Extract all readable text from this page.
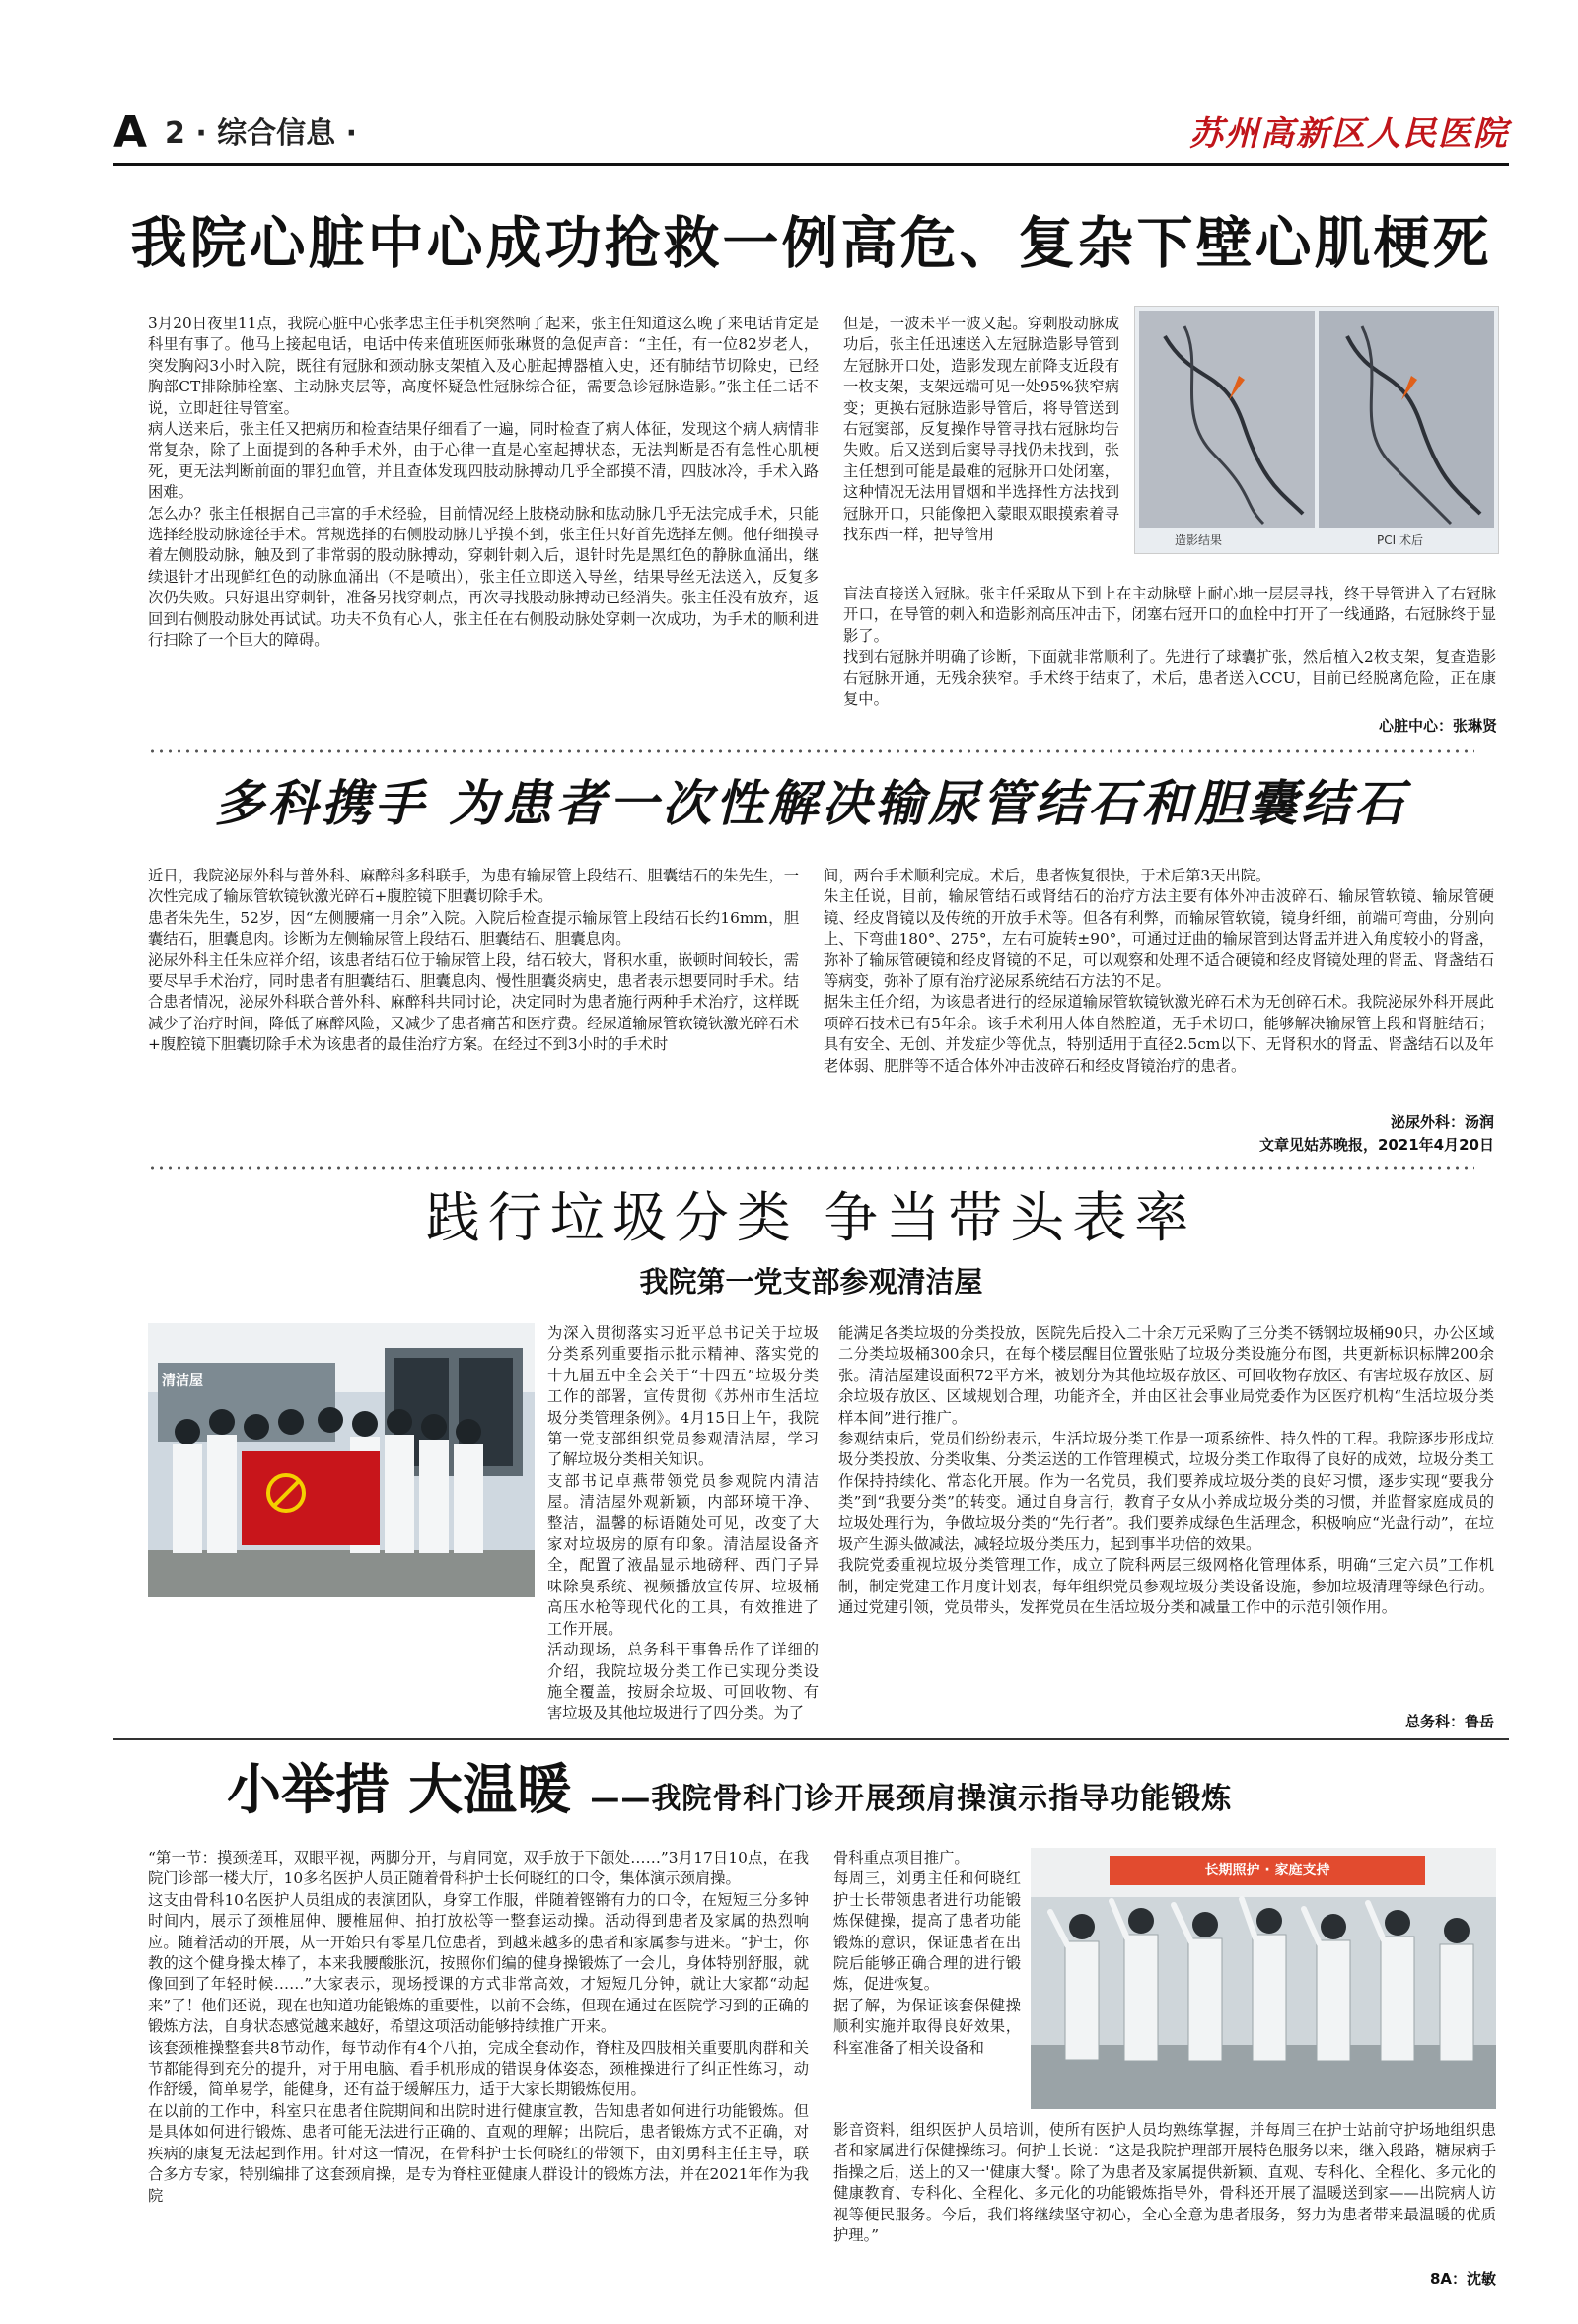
A 2 · 综合信息 ·	苏州高新区人民医院
我院心脏中心成功抢救一例高危、复杂下壁心肌梗死
3月20日夜里11点，我院心脏中心张孝忠主任手机突然响了起来，张主任知道这么晚了来电话肯定是科里有事了。他马上接起电话，电话中传来值班医师张琳贤的急促声音：“主任，有一位82岁老人，突发胸闷3小时入院，既往有冠脉和颈动脉支架植入及心脏起搏器植入史，还有肺结节切除史，已经胸部CT排除肺栓塞、主动脉夹层等，高度怀疑急性冠脉综合征，需要急诊冠脉造影。”张主任二话不说，立即赶往导管室。
病人送来后，张主任又把病历和检查结果仔细看了一遍，同时检查了病人体征，发现这个病人病情非常复杂，除了上面提到的各种手术外，由于心律一直是心室起搏状态，无法判断是否有急性心肌梗死，更无法判断前面的罪犯血管，并且查体发现四肢动脉搏动几乎全部摸不清，四肢冰冷，手术入路困难。
怎么办？张主任根据自己丰富的手术经验，目前情况经上肢桡动脉和肱动脉几乎无法完成手术，只能选择经股动脉途径手术。常规选择的右侧股动脉几乎摸不到，张主任只好首先选择左侧。他仔细摸寻着左侧股动脉，触及到了非常弱的股动脉搏动，穿刺针刺入后，退针时先是黑红色的静脉血涌出，继续退针才出现鲜红色的动脉血涌出（不是喷出），张主任立即送入导丝，结果导丝无法送入，反复多次仍失败。只好退出穿刺针，准备另找穿刺点，再次寻找股动脉搏动已经消失。张主任没有放弃，返回到右侧股动脉处再试试。功夫不负有心人，张主任在右侧股动脉处穿刺一次成功，为手术的顺利进行扫除了一个巨大的障碍。
但是，一波未平一波又起。穿刺股动脉成功后，张主任迅速送入左冠脉造影导管到左冠脉开口处，造影发现左前降支近段有一枚支架，支架远端可见一处95%狭窄病变；更换右冠脉造影导管后，将导管送到右冠窦部，反复操作导管寻找右冠脉均告失败。后又送到后窦导寻找仍未找到，张主任想到可能是最难的冠脉开口处闭塞，这种情况无法用冒烟和半选择性方法找到冠脉开口，只能像把入蒙眼双眼摸索着寻找东西一样，把导管用	造影结果	PCI 术后
盲法直接送入冠脉。张主任采取从下到上在主动脉壁上耐心地一层层寻找，终于导管进入了右冠脉开口，在导管的刺入和造影剂高压冲击下，闭塞右冠开口的血栓中打开了一线通路，右冠脉终于显影了。
找到右冠脉并明确了诊断，下面就非常顺利了。先进行了球囊扩张，然后植入2枚支架，复查造影右冠脉开通，无残余狭窄。手术终于结束了，术后，患者送入CCU，目前已经脱离危险，正在康复中。
心脏中心：张琳贤
多科携手 为患者一次性解决输尿管结石和胆囊结石
近日，我院泌尿外科与普外科、麻醉科多科联手，为患有输尿管上段结石、胆囊结石的朱先生，一次性完成了输尿管软镜钬激光碎石+腹腔镜下胆囊切除手术。
患者朱先生，52岁，因“左侧腰痛一月余”入院。入院后检查提示输尿管上段结石长约16mm，胆囊结石，胆囊息肉。诊断为左侧输尿管上段结石、胆囊结石、胆囊息肉。
泌尿外科主任朱应祥介绍，该患者结石位于输尿管上段，结石较大，肾积水重，嵌顿时间较长，需要尽早手术治疗，同时患者有胆囊结石、胆囊息肉、慢性胆囊炎病史，患者表示想要同时手术。结合患者情况，泌尿外科联合普外科、麻醉科共同讨论，决定同时为患者施行两种手术治疗，这样既减少了治疗时间，降低了麻醉风险，又减少了患者痛苦和医疗费。经尿道输尿管软镜钬激光碎石术+腹腔镜下胆囊切除手术为该患者的最佳治疗方案。在经过不到3小时的手术时
间，两台手术顺利完成。术后，患者恢复很快，于术后第3天出院。
朱主任说，目前，输尿管结石或肾结石的治疗方法主要有体外冲击波碎石、输尿管软镜、输尿管硬镜、经皮肾镜以及传统的开放手术等。但各有利弊，而输尿管软镜，镜身纤细，前端可弯曲，分别向上、下弯曲180°、275°，左右可旋转±90°，可通过迂曲的输尿管到达肾盂并进入角度较小的肾盏，弥补了输尿管硬镜和经皮肾镜的不足，可以观察和处理不适合硬镜和经皮肾镜处理的肾盂、肾盏结石等病变，弥补了原有治疗泌尿系统结石方法的不足。
据朱主任介绍，为该患者进行的经尿道输尿管软镜钬激光碎石术为无创碎石术。我院泌尿外科开展此项碎石技术已有5年余。该手术利用人体自然腔道，无手术切口，能够解决输尿管上段和肾脏结石；具有安全、无创、并发症少等优点，特别适用于直径2.5cm以下、无肾积水的肾盂、肾盏结石以及年老体弱、肥胖等不适合体外冲击波碎石和经皮肾镜治疗的患者。
泌尿外科：汤润
文章见姑苏晚报，2021年4月20日
践行垃圾分类 争当带头表率
我院第一党支部参观清洁屋
清洁屋
为深入贯彻落实习近平总书记关于垃圾分类系列重要指示批示精神、落实党的十九届五中全会关于“十四五”垃圾分类工作的部署，宣传贯彻《苏州市生活垃圾分类管理条例》。4月15日上午，我院第一党支部组织党员参观清洁屋，学习了解垃圾分类相关知识。
支部书记卓燕带领党员参观院内清洁屋。清洁屋外观新颖，内部环境干净、整洁，温馨的标语随处可见，改变了大家对垃圾房的原有印象。清洁屋设备齐全，配置了液晶显示地磅秤、西门子异味除臭系统、视频播放宣传屏、垃圾桶高压水枪等现代化的工具，有效推进了工作开展。
活动现场，总务科干事鲁岳作了详细的介绍，我院垃圾分类工作已实现分类设施全覆盖，按厨余垃圾、可回收物、有害垃圾及其他垃圾进行了四分类。为了
能满足各类垃圾的分类投放，医院先后投入二十余万元采购了三分类不锈钢垃圾桶90只，办公区域二分类垃圾桶300余只，在每个楼层醒目位置张贴了垃圾分类设施分布图，共更新标识标牌200余张。清洁屋建设面积72平方米，被划分为其他垃圾存放区、可回收物存放区、有害垃圾存放区、厨余垃圾存放区、区域规划合理，功能齐全，并由区社会事业局党委作为区医疗机构“生活垃圾分类样本间”进行推广。
参观结束后，党员们纷纷表示，生活垃圾分类工作是一项系统性、持久性的工程。我院逐步形成垃圾分类投放、分类收集、分类运送的工作管理模式，垃圾分类工作取得了良好的成效，垃圾分类工作保持持续化、常态化开展。作为一名党员，我们要养成垃圾分类的良好习惯，逐步实现“要我分类”到“我要分类”的转变。通过自身言行，教育子女从小养成垃圾分类的习惯，并监督家庭成员的垃圾处理行为，争做垃圾分类的“先行者”。我们要养成绿色生活理念，积极响应“光盘行动”，在垃圾产生源头做减法，减轻垃圾分类压力，起到事半功倍的效果。
我院党委重视垃圾分类管理工作，成立了院科两层三级网格化管理体系，明确“三定六员”工作机制，制定党建工作月度计划表，每年组织党员参观垃圾分类设备设施，参加垃圾清理等绿色行动。通过党建引领，党员带头，发挥党员在生活垃圾分类和减量工作中的示范引领作用。
总务科：鲁岳
小举措 大温暖 ——我院骨科门诊开展颈肩操演示指导功能锻炼
“第一节：摸颈搓耳，双眼平视，两脚分开，与肩同宽，双手放于下颌处……”3月17日10点，在我院门诊部一楼大厅，10多名医护人员正随着骨科护士长何晓红的口令，集体演示颈肩操。
这支由骨科10名医护人员组成的表演团队，身穿工作服，伴随着铿锵有力的口令，在短短三分多钟时间内，展示了颈椎屈伸、腰椎屈伸、拍打放松等一整套运动操。活动得到患者及家属的热烈响应。随着活动的开展，从一开始只有零星几位患者，到越来越多的患者和家属参与进来。“护士，你教的这个健身操太棒了，本来我腰酸胀沉，按照你们编的健身操锻炼了一会儿，身体特别舒服，就像回到了年轻时候……”大家表示，现场授课的方式非常高效，才短短几分钟，就让大家都“动起来”了！他们还说，现在也知道功能锻炼的重要性，以前不会练，但现在通过在医院学习到的正确的锻炼方法，自身状态感觉越来越好，希望这项活动能够持续推广开来。
该套颈椎操整套共8节动作，每节动作有4个八拍，完成全套动作，脊柱及四肢相关重要肌肉群和关节都能得到充分的提升，对于用电脑、看手机形成的错误身体姿态，颈椎操进行了纠正性练习，动作舒缓，简单易学，能健身，还有益于缓解压力，适于大家长期锻炼使用。
在以前的工作中，科室只在患者住院期间和出院时进行健康宣教，告知患者如何进行功能锻炼。但是具体如何进行锻炼、患者可能无法进行正确的、直观的理解；出院后，患者锻炼方式不正确，对疾病的康复无法起到作用。针对这一情况，在骨科护士长何晓红的带领下，由刘勇科主任主导，联合多方专家，特别编排了这套颈肩操，是专为脊柱亚健康人群设计的锻炼方法，并在2021年作为我院
骨科重点项目推广。
每周三，刘勇主任和何晓红护士长带领患者进行功能锻炼保健操，提高了患者功能锻炼的意识，保证患者在出院后能够正确合理的进行锻炼，促进恢复。
据了解，为保证该套保健操顺利实施并取得良好效果，科室准备了相关设备和
长期照护 · 家庭支持
影音资料，组织医护人员培训，使所有医护人员均熟练掌握，并每周三在护士站前守护场地组织患者和家属进行保健操练习。何护士长说：“这是我院护理部开展特色服务以来，继入段路，糖尿病手指操之后，送上的又一'健康大餐'。除了为患者及家属提供新颖、直观、专科化、全程化、多元化的健康教育、专科化、全程化、多元化的功能锻炼指导外，骨科还开展了温暖送到家——出院病人访视等便民服务。今后，我们将继续坚守初心，全心全意为患者服务，努力为患者带来最温暖的优质护理。”
8A：沈敏
